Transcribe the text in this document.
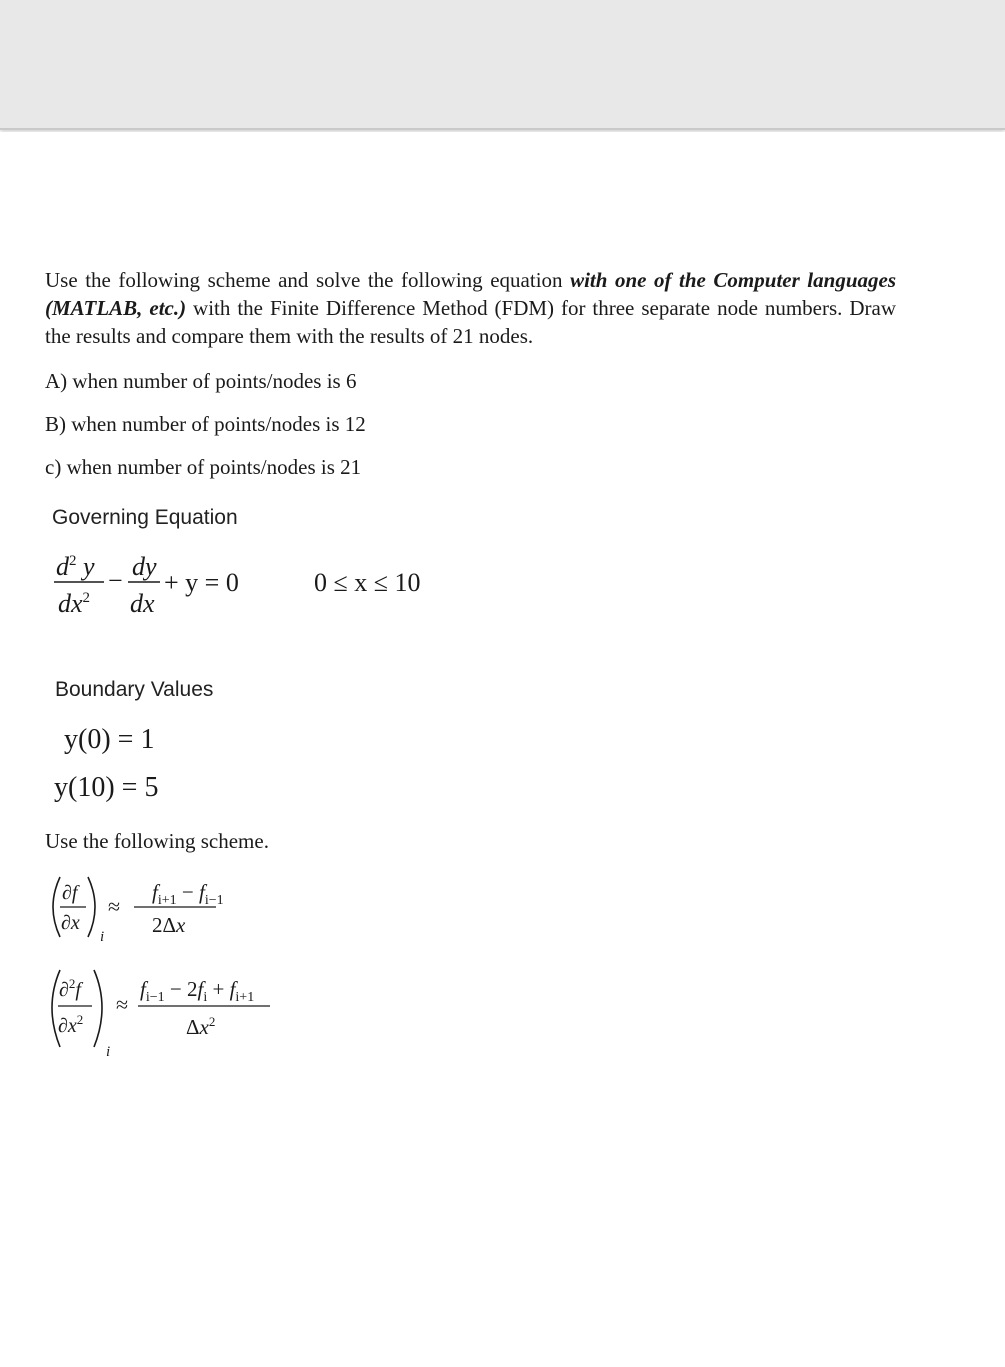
Use the following scheme and solve the following equation with one of the Computer languages (MATLAB, etc.) with the Finite Difference Method (FDM) for three separate node numbers. Draw the results and compare them with the results of 21 nodes.

A) when number of points/nodes is 6
B) when number of points/nodes is 12
c) when number of points/nodes is 21
Governing Equation
$d^2$ y
$dx^2$
− dy
dx
+ y = 0	0 ≤ x ≤ 10
Boundary Values
y(0) = 1
y(10) = 5
Use the following scheme.
∂f
∂x
i
≈
$f_{i+1} - f_{i-1}$
2Δx
∂$^2$f
$\partial x^2$
i
≈
$f_{i-1} - 2f_i + f_{i+1}$
$\Delta x^2$
